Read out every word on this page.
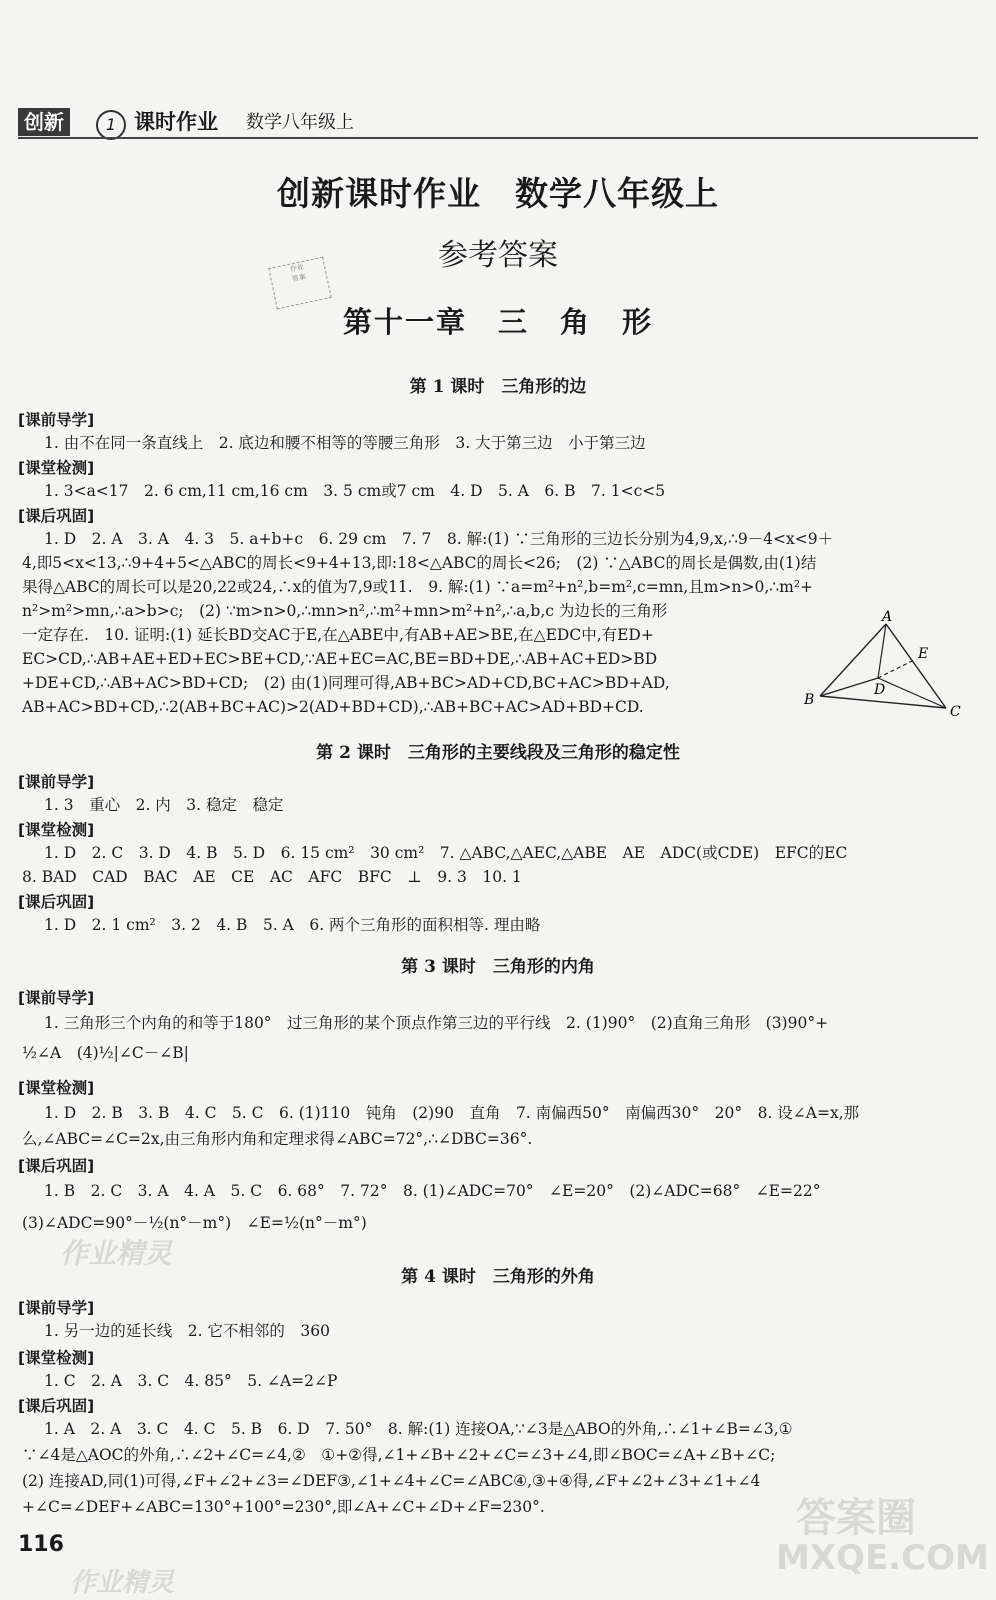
创新	1 课时作业 数学八年级上
创新课时作业　数学八年级上
参考答案
作业
答案
第十一章　三　角　形
第 1 课时　三角形的边
[课前导学]
1. 由不在同一条直线上　2. 底边和腰不相等的等腰三角形　3. 大于第三边　小于第三边
[课堂检测]
1. 3<a<17　2. 6 cm,11 cm,16 cm　3. 5 cm或7 cm　4. D　5. A　6. B　7. 1<c<5
[课后巩固]
1. D　2. A　3. A　4. 3　5. a+b+c　6. 29 cm　7. 7　8. 解:(1) ∵三角形的三边长分别为4,9,x,∴9－4<x<9＋
4,即5<x<13,∴9+4+5<△ABC的周长<9+4+13,即:18<△ABC的周长<26;　(2) ∵△ABC的周长是偶数,由(1)结
果得△ABC的周长可以是20,22或24,∴x的值为7,9或11.　9. 解:(1) ∵a=m²+n²,b=m²,c=mn,且m>n>0,∴m²+
n²>m²>mn,∴a>b>c;　(2) ∵m>n>0,∴mn>n²,∴m²+mn>m²+n²,∴a,b,c 为边长的三角形
一定存在.　10. 证明:(1) 延长BD交AC于E,在△ABE中,有AB+AE>BE,在△EDC中,有ED+
EC>CD,∴AB+AE+ED+EC>BE+CD,∵AE+EC=AC,BE=BD+DE,∴AB+AC+ED>BD
+DE+CD,∴AB+AC>BD+CD;　(2) 由(1)同理可得,AB+BC>AD+CD,BC+AC>BD+AD,
AB+AC>BD+CD,∴2(AB+BC+AC)>2(AD+BD+CD),∴AB+BC+AC>AD+BD+CD.
A
B
C
D
E
第 2 课时　三角形的主要线段及三角形的稳定性
[课前导学]
1. 3　重心　2. 内　3. 稳定　稳定
[课堂检测]
1. D　2. C　3. D　4. B　5. D　6. 15 cm²　30 cm²　7. △ABC,△AEC,△ABE　AE　ADC(或CDE)　EFC的EC
8. BAD　CAD　BAC　AE　CE　AC　AFC　BFC　⊥　9. 3　10. 1
[课后巩固]
1. D　2. 1 cm²　3. 2　4. B　5. A　6. 两个三角形的面积相等. 理由略
第 3 课时　三角形的内角
[课前导学]
1. 三角形三个内角的和等于180°　过三角形的某个顶点作第三边的平行线　2. (1)90°　(2)直角三角形　(3)90°+
½∠A　(4)½|∠C－∠B|
[课堂检测]
1. D　2. B　3. B　4. C　5. C　6. (1)110　钝角　(2)90　直角　7. 南偏西50°　南偏西30°　20°　8. 设∠A=x,那
么,∠ABC=∠C=2x,由三角形内角和定理求得∠ABC=72°,∴∠DBC=36°.
[课后巩固]
1. B　2. C　3. A　4. A　5. C　6. 68°　7. 72°　8. (1)∠ADC=70°　∠E=20°　(2)∠ADC=68°　∠E=22°
(3)∠ADC=90°－½(n°－m°)　∠E=½(n°－m°)
第 4 课时　三角形的外角
[课前导学]
1. 另一边的延长线　2. 它不相邻的　360
[课堂检测]
1. C　2. A　3. C　4. 85°　5. ∠A=2∠P
[课后巩固]
1. A　2. A　3. C　4. C　5. B　6. D　7. 50°　8. 解:(1) 连接OA,∵∠3是△ABO的外角,∴∠1+∠B=∠3,①
∵∠4是△AOC的外角,∴∠2+∠C=∠4,②　①+②得,∠1+∠B+∠2+∠C=∠3+∠4,即∠BOC=∠A+∠B+∠C;
(2) 连接AD,同(1)可得,∠F+∠2+∠3=∠DEF③,∠1+∠4+∠C=∠ABC④,③+④得,∠F+∠2+∠3+∠1+∠4
+∠C=∠DEF+∠ABC=130°+100°=230°,即∠A+∠C+∠D+∠F=230°.
作业精灵
作业精灵
答案圈
MXQE.COM
116
